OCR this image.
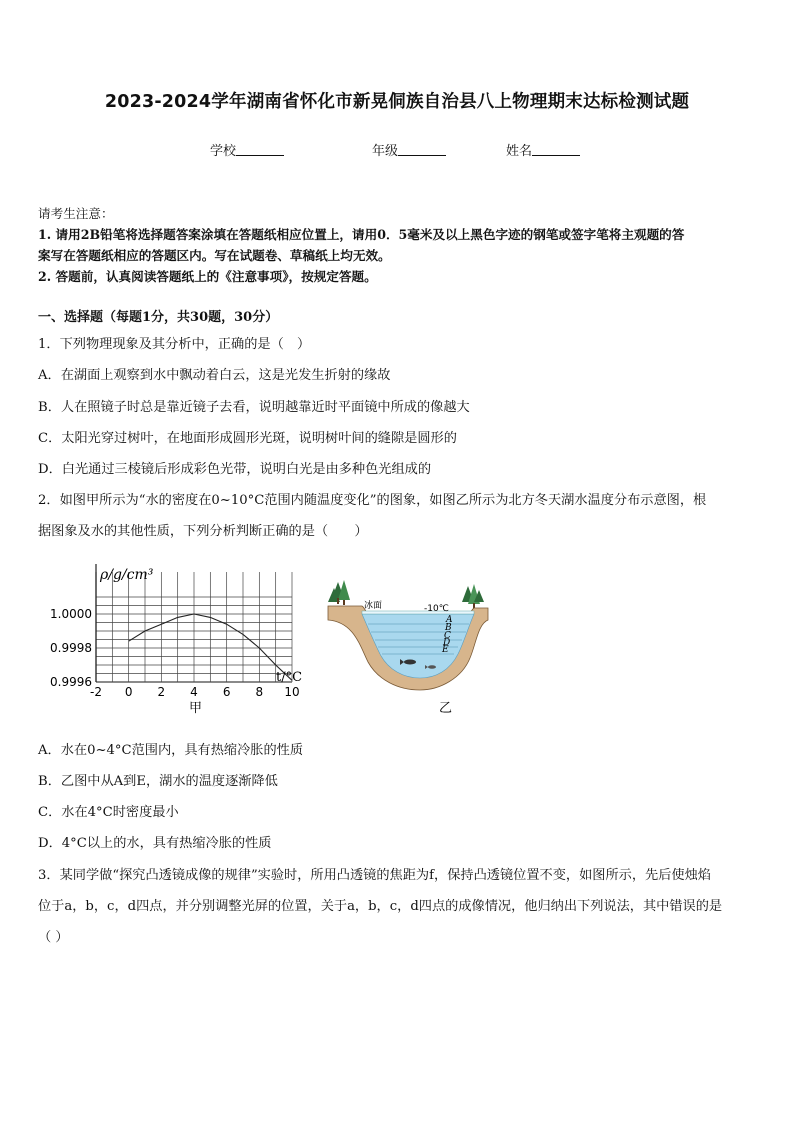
2023-2024学年湖南省怀化市新晃侗族自治县八上物理期末达标检测试题
学校	年级	姓名
请考生注意：
1. 请用2B铅笔将选择题答案涂填在答题纸相应位置上，请用0．5毫米及以上黑色字迹的钢笔或签字笔将主观题的答
案写在答题纸相应的答题区内。写在试题卷、草稿纸上均无效。
2. 答题前，认真阅读答题纸上的《注意事项》，按规定答题。
一、选择题（每题1分，共30题，30分）
1．下列物理现象及其分析中，正确的是（　）
A．在湖面上观察到水中飘动着白云，这是光发生折射的缘故
B．人在照镜子时总是靠近镜子去看，说明越靠近时平面镜中所成的像越大
C．太阳光穿过树叶，在地面形成圆形光斑，说明树叶间的缝隙是圆形的
D．白光通过三棱镜后形成彩色光带，说明白光是由多种色光组成的
2．如图甲所示为“水的密度在0~10°C范围内随温度变化”的图象，如图乙所示为北方冬天湖水温度分布示意图，根
据图象及水的其他性质，下列分析判断正确的是（　　）
1.0000
0.9998
0.9996
-2 0 2 4 6 8 10
ρ/g/cm³
t/°C
甲
冰面	-10℃
A
B
C
D
E
乙
A．水在0~4°C范围内，具有热缩冷胀的性质
B．乙图中从A到E，湖水的温度逐渐降低
C．水在4°C时密度最小
D．4°C以上的水，具有热缩冷胀的性质
3．某同学做“探究凸透镜成像的规律”实验时，所用凸透镜的焦距为f，保持凸透镜位置不变，如图所示，先后使烛焰
位于a，b，c，d四点，并分别调整光屏的位置，关于a，b，c，d四点的成像情况，他归纳出下列说法，其中错误的是
（ ）
